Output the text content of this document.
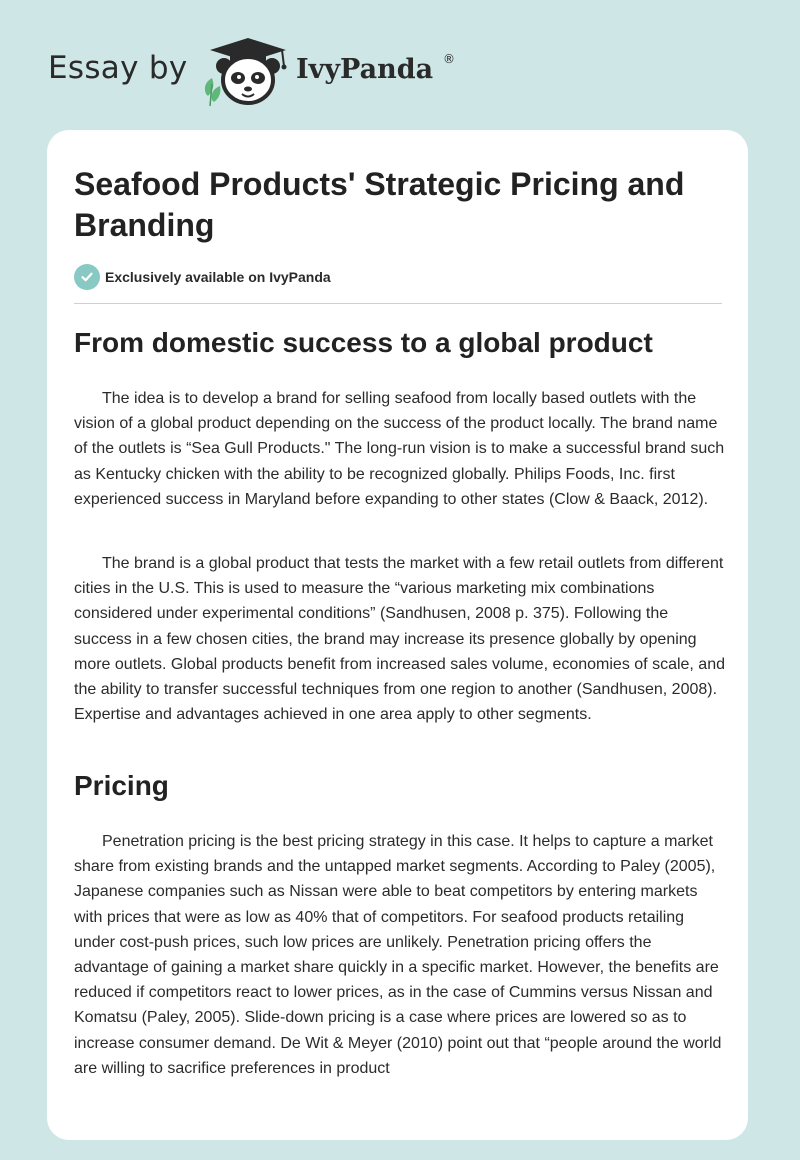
Essay by	IvyPanda ®
Seafood Products' Strategic Pricing and Branding
Exclusively available on IvyPanda
From domestic success to a global product

The idea is to develop a brand for selling seafood from locally based outlets with the vision of a global product depending on the success of the product locally. The brand name of the outlets is “Sea Gull Products." The long-run vision is to make a successful brand such as Kentucky chicken with the ability to be recognized globally. Philips Foods, Inc. first experienced success in Maryland before expanding to other states (Clow & Baack, 2012).

The brand is a global product that tests the market with a few retail outlets from different cities in the U.S. This is used to measure the “various marketing mix combinations considered under experimental conditions” (Sandhusen, 2008 p. 375). Following the success in a few chosen cities, the brand may increase its presence globally by opening more outlets. Global products benefit from increased sales volume, economies of scale, and the ability to transfer successful techniques from one region to another (Sandhusen, 2008). Expertise and advantages achieved in one area apply to other segments.

Pricing

Penetration pricing is the best pricing strategy in this case. It helps to capture a market share from existing brands and the untapped market segments. According to Paley (2005), Japanese companies such as Nissan were able to beat competitors by entering markets with prices that were as low as 40% that of competitors. For seafood products retailing under cost-push prices, such low prices are unlikely. Penetration pricing offers the advantage of gaining a market share quickly in a specific market. However, the benefits are reduced if competitors react to lower prices, as in the case of Cummins versus Nissan and Komatsu (Paley, 2005). Slide-down pricing is a case where prices are lowered so as to increase consumer demand. De Wit & Meyer (2010) point out that “people around the world are willing to sacrifice preferences in product
